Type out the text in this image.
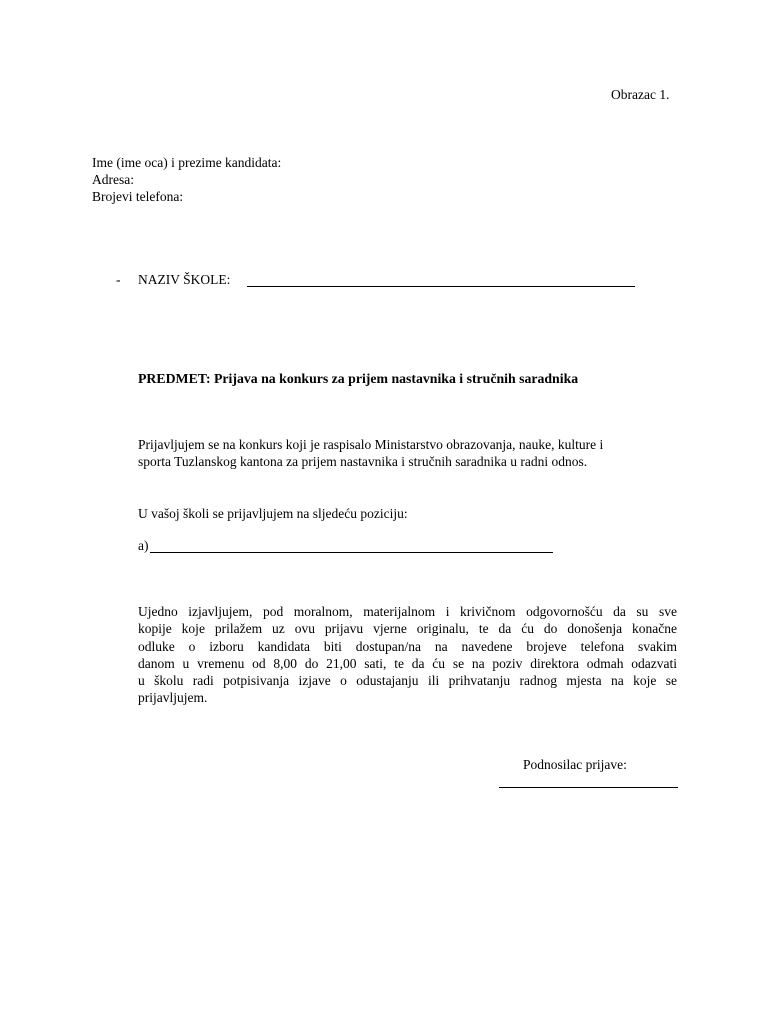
Obrazac 1.

Ime (ime oca) i prezime kandidata:
Adresa:
Brojevi telefona:
- NAZIV ŠKOLE:

PREDMET: Prijava na konkurs za prijem nastavnika i stručnih saradnika

Prijavljujem se na konkurs koji je raspisalo Ministarstvo obrazovanja, nauke, kulture i
sporta Tuzlanskog kantona za prijem nastavnika i stručnih saradnika u radni odnos.

U vašoj školi se prijavljujem na sljedeću poziciju:

a)
Ujedno izjavljujem, pod moralnom, materijalnom i krivičnom odgovornošću da su sve
kopije koje prilažem uz ovu prijavu vjerne originalu, te da ću do donošenja konačne
odluke o izboru kandidata biti dostupan/na na navedene brojeve telefona svakim
danom u vremenu od 8,00 do 21,00 sati, te da ću se na poziv direktora odmah odazvati
u školu radi potpisivanja izjave o odustajanju ili prihvatanju radnog mjesta na koje se
prijavljujem.

Podnosilac prijave:
